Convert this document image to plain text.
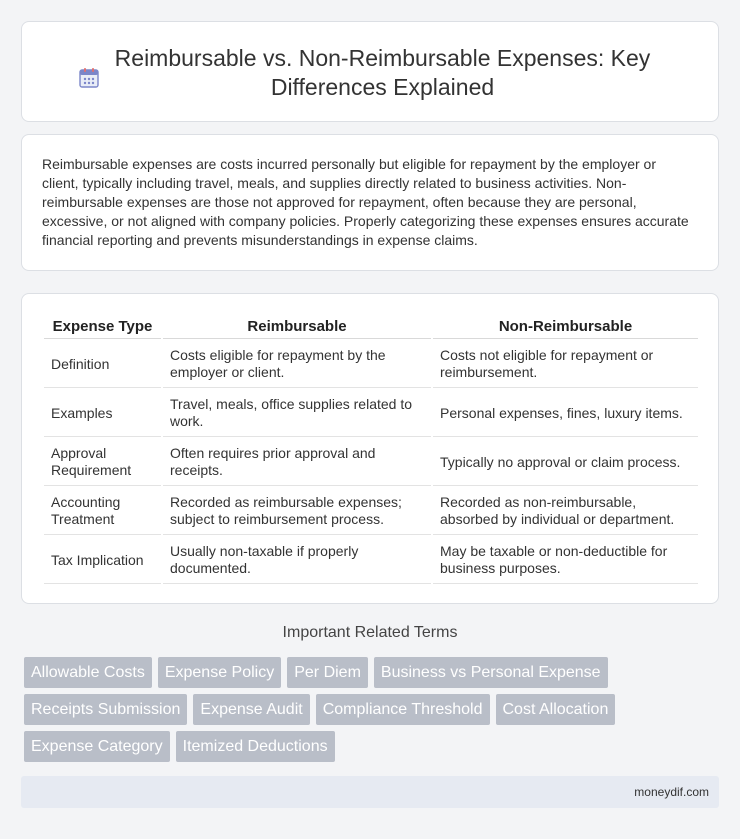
Reimbursable vs. Non-Reimbursable Expenses: Key Differences Explained

Reimbursable expenses are costs incurred personally but eligible for repayment by the employer or client, typically including travel, meals, and supplies directly related to business activities. Non-reimbursable expenses are those not approved for repayment, often because they are personal, excessive, or not aligned with company policies. Properly categorizing these expenses ensures accurate financial reporting and prevents misunderstandings in expense claims.

Expense Type	Reimbursable	Non-Reimbursable
Definition	Costs eligible for repayment by the employer or client.	Costs not eligible for repayment or reimbursement.
Examples	Travel, meals, office supplies related to work.	Personal expenses, fines, luxury items.
Approval Requirement	Often requires prior approval and receipts.	Typically no approval or claim process.
Accounting Treatment	Recorded as reimbursable expenses; subject to reimbursement process.	Recorded as non-reimbursable, absorbed by individual or department.
Tax Implication	Usually non-taxable if properly documented.	May be taxable or non-deductible for business purposes.
Important Related Terms
Allowable Costs	Expense Policy	Per Diem	Business vs Personal Expense
Receipts Submission	Expense Audit	Compliance Threshold	Cost Allocation
Expense Category	Itemized Deductions
moneydif.com
